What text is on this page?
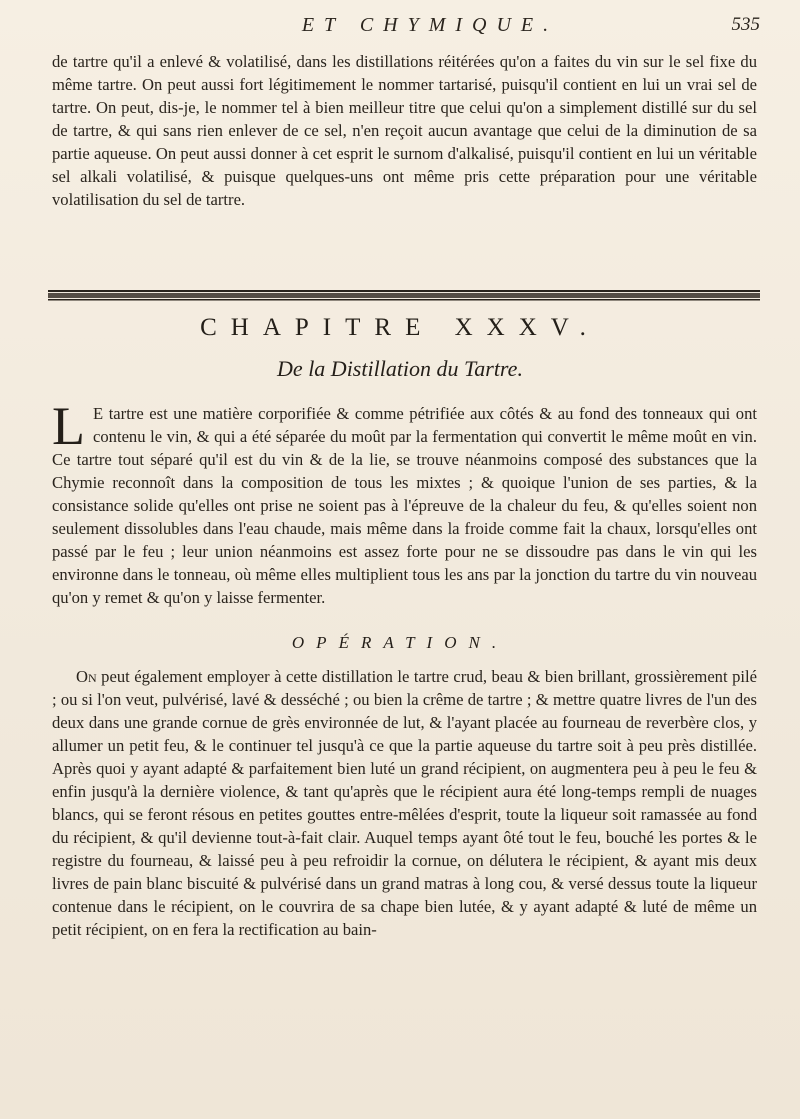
ET CHYMIQUE.	535
de tartre qu'il a enlevé & volatilisé, dans les distillations réitérées qu'on a faites du vin sur le sel fixe du même tartre. On peut aussi fort légitimement le nommer tartarisé, puisqu'il contient en lui un vrai sel de tartre. On peut, dis-je, le nommer tel à bien meilleur titre que celui qu'on a simplement distillé sur du sel de tartre, & qui sans rien enlever de ce sel, n'en reçoit aucun avantage que celui de la diminution de sa partie aqueuse. On peut aussi donner à cet esprit le surnom d'alkalisé, puisqu'il contient en lui un véritable sel alkali volatilisé, & puisque quelques-uns ont même pris cette préparation pour une véritable volatilisation du sel de tartre.
CHAPITRE XXXV.
De la Distillation du Tartre.
L E tartre est une matière corporifiée & comme pétrifiée aux côtés & au fond des tonneaux qui ont contenu le vin, & qui a été séparée du moût par la fermentation qui convertit le même moût en vin. Ce tartre tout séparé qu'il est du vin & de la lie, se trouve néanmoins composé des substances que la Chymie reconnoît dans la composition de tous les mixtes ; & quoique l'union de ses parties, & la consistance solide qu'elles ont prise ne soient pas à l'épreuve de la chaleur du feu, & qu'elles soient non seulement dissolubles dans l'eau chaude, mais même dans la froide comme fait la chaux, lorsqu'elles ont passé par le feu ; leur union néanmoins est assez forte pour ne se dissoudre pas dans le vin qui les environne dans le tonneau, où même elles multiplient tous les ans par la jonction du tartre du vin nouveau qu'on y remet & qu'on y laisse fermenter.
OPÉRATION.
On peut également employer à cette distillation le tartre crud, beau & bien brillant, grossièrement pilé ; ou si l'on veut, pulvérisé, lavé & desséché ; ou bien la crême de tartre ; & mettre quatre livres de l'un des deux dans une grande cornue de grès environnée de lut, & l'ayant placée au fourneau de reverbère clos, y allumer un petit feu, & le continuer tel jusqu'à ce que la partie aqueuse du tartre soit à peu près distillée. Après quoi y ayant adapté & parfaitement bien luté un grand récipient, on augmentera peu à peu le feu & enfin jusqu'à la dernière violence, & tant qu'après que le récipient aura été long-temps rempli de nuages blancs, qui se feront résous en petites gouttes entre-mêlées d'esprit, toute la liqueur soit ramassée au fond du récipient, & qu'il devienne tout-à-fait clair. Auquel temps ayant ôté tout le feu, bouché les portes & le registre du fourneau, & laissé peu à peu refroidir la cornue, on délutera le récipient, & ayant mis deux livres de pain blanc biscuité & pulvérisé dans un grand matras à long cou, & versé dessus toute la liqueur contenue dans le récipient, on le couvrira de sa chape bien lutée, & y ayant adapté & luté de même un petit récipient, on en fera la rectification au bain-
